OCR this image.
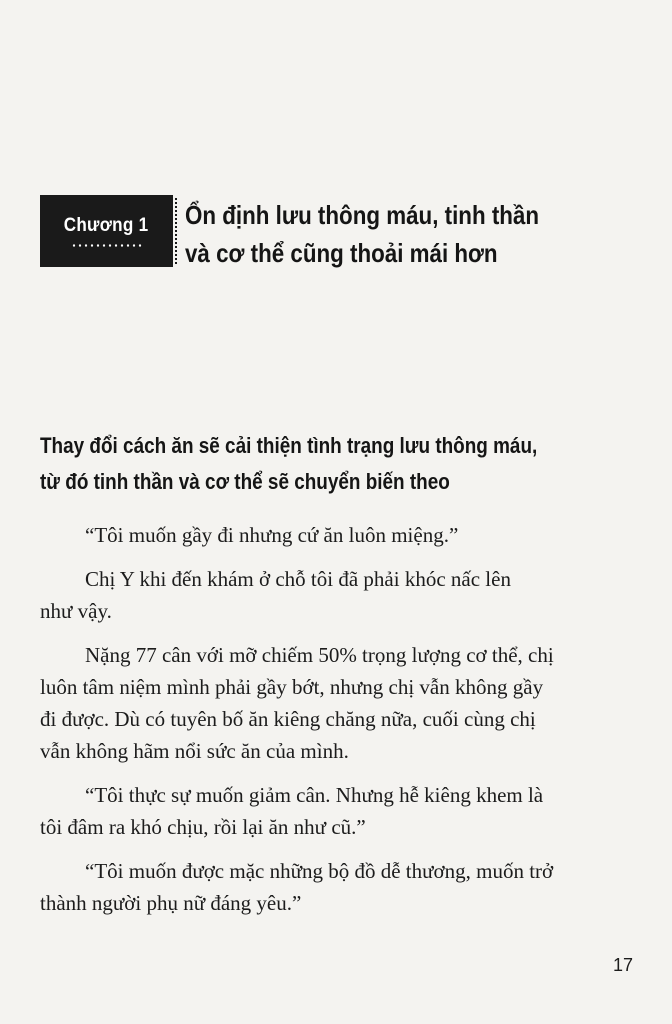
Chương 1 Ổn định lưu thông máu, tinh thần
và cơ thể cũng thoải mái hơn
Thay đổi cách ăn sẽ cải thiện tình trạng lưu thông máu,
từ đó tinh thần và cơ thể sẽ chuyển biến theo

“Tôi muốn gầy đi nhưng cứ ăn luôn miệng.”

Chị Y khi đến khám ở chỗ tôi đã phải khóc nấc lên
như vậy.

Nặng 77 cân với mỡ chiếm 50% trọng lượng cơ thể, chị
luôn tâm niệm mình phải gầy bớt, nhưng chị vẫn không gầy
đi được. Dù có tuyên bố ăn kiêng chăng nữa, cuối cùng chị
vẫn không hãm nổi sức ăn của mình.

“Tôi thực sự muốn giảm cân. Nhưng hễ kiêng khem là
tôi đâm ra khó chịu, rồi lại ăn như cũ.”

“Tôi muốn được mặc những bộ đồ dễ thương, muốn trở
thành người phụ nữ đáng yêu.”

17
